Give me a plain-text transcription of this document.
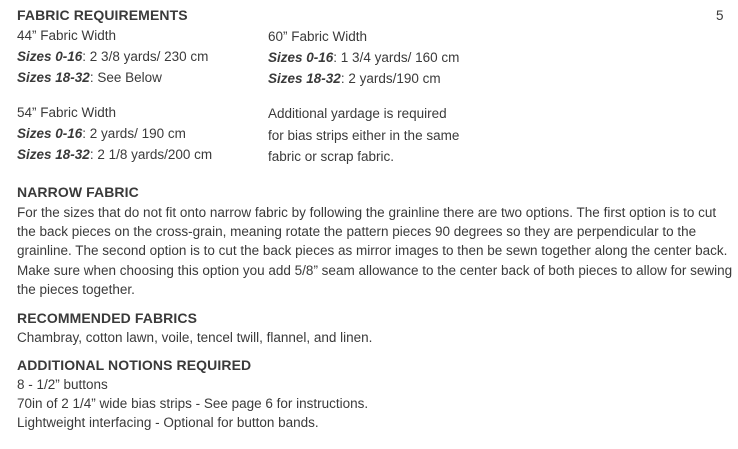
5
FABRIC REQUIREMENTS
44” Fabric Width
Sizes 0-16: 2 3/8 yards/ 230 cm
Sizes 18-32: See Below
60” Fabric Width
Sizes 0-16: 1 3/4 yards/ 160 cm
Sizes 18-32: 2 yards/190 cm
54” Fabric Width
Sizes 0-16: 2 yards/ 190 cm
Sizes 18-32: 2 1/8 yards/200 cm
Additional yardage is required
for bias strips either in the same
fabric or scrap fabric.
NARROW FABRIC
For the sizes that do not fit onto narrow fabric by following the grainline there are two options. The first option is to cut the back pieces on the cross-grain, meaning rotate the pattern pieces 90 degrees so they are perpendicular to the grainline. The second option is to cut the back pieces as mirror images to then be sewn together along the center back. Make sure when choosing this option you add 5/8” seam allowance to the center back of both pieces to allow for sewing the pieces together.
RECOMMENDED FABRICS
Chambray, cotton lawn, voile, tencel twill, flannel, and linen.
ADDITIONAL NOTIONS REQUIRED
8 - 1/2” buttons
70in of 2 1/4” wide bias strips - See page 6 for instructions.
Lightweight interfacing - Optional for button bands.
